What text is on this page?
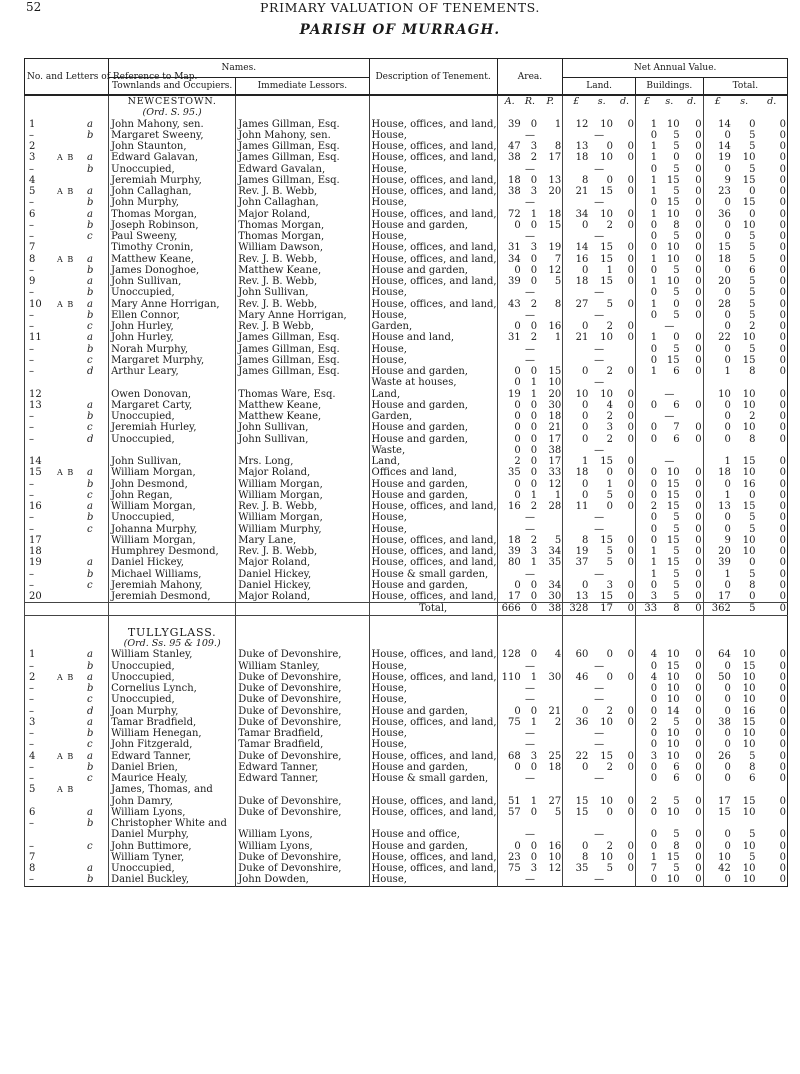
52	PRIMARY VALUATION OF TENEMENTS.
PARISH OF MURRAGH.
No. and Letters of Reference to Map.		Names.		Description of Tenement.	Area.			Net Annual Value.								
		Townlands and Occupiers.	Immediate Lessors.					Land.			Buildings.			Total.		
		NEWCESTOWN.			A.	R.	P.	£	s.	d.	£	s.	d.	£	s.	d.
		(Ord. S. 95.)														
1	a	John Mahony, sen.	James Gillman, Esq.	House, offices, and land,	39	0	1	12	10	0	1	10	0	14	0	0
–	b	Margaret Sweeny,	John Mahony, sen.	House,	—			—			0	5	0	0	5	0
2		John Staunton,	James Gillman, Esq.	House, offices, and land,	47	3	8	13	0	0	1	5	0	14	5	0
3 A B	a	Edward Galavan,	James Gillman, Esq.	House, offices, and land,	38	2	17	18	10	0	1	0	0	19	10	0
–	b	Unoccupied,	Edward Gavalan,	House,	—			—			0	5	0	0	5	0
4		Jeremiah Murphy,	James Gillman, Esq.	House, offices, and land,	18	0	13	8	0	0	1	15	0	9	15	0
5 A B	a	John Callaghan,	Rev. J. B. Webb,	House, offices, and land,	38	3	20	21	15	0	1	5	0	23	0	0
–	b	John Murphy,	John Callaghan,	House,	—			—			0	15	0	0	15	0
6	a	Thomas Morgan,	Major Roland,	House, offices, and land,	72	1	18	34	10	0	1	10	0	36	0	0
–	b	Joseph Robinson,	Thomas Morgan,	House and garden,	0	0	15	0	2	0	0	8	0	0	10	0
–	c	Paul Sweeny,	Thomas Morgan,	House,	—			—			0	5	0	0	5	0
7		Timothy Cronin,	William Dawson,	House, offices, and land,	31	3	19	14	15	0	0	10	0	15	5	0
8 A B	a	Matthew Keane,	Rev. J. B. Webb,	House, offices, and land,	34	0	7	16	15	0	1	10	0	18	5	0
–	b	James Donoghoe,	Matthew Keane,	House and garden,	0	0	12	0	1	0	0	5	0	0	6	0
9	a	John Sullivan,	Rev. J. B. Webb,	House, offices, and land,	39	0	5	18	15	0	1	10	0	20	5	0
–	b	Unoccupied,	John Sullivan,	House,	—			—			0	5	0	0	5	0
10 A B	a	Mary Anne Horrigan,	Rev. J. B. Webb,	House, offices, and land,	43	2	8	27	5	0	1	0	0	28	5	0
–	b	Ellen Connor,	Mary Anne Horrigan,	House,	—			—			0	5	0	0	5	0
–	c	John Hurley,	Rev. J. B Webb,	Garden,	0	0	16	0	2	0	—			0	2	0
11	a	John Hurley,	James Gillman, Esq.	House and land,	31	2	1	21	10	0	1	0	0	22	10	0
–	b	Norah Murphy,	James Gillman, Esq.	House,	—			—			0	5	0	0	5	0
–	c	Margaret Murphy,	James Gillman, Esq.	House,	—			—			0	15	0	0	15	0
–	d	Arthur Leary,	James Gillman, Esq.	House and garden,	0	0	15	0	2	0	1	6	0	1	8	0
				Waste at houses,	0	1	10	—								
12		Owen Donovan,	Thomas Ware, Esq.	Land,	19	1	20	10	10	0	—			10	10	0
13	a	Margaret Carty,	Matthew Keane,	House and garden,	0	0	30	0	4	0	0	6	0	0	10	0
–	b	Unoccupied,	Matthew Keane,	Garden,	0	0	18	0	2	0	—			0	2	0
–	c	Jeremiah Hurley,	John Sullivan,	House and garden,	0	0	21	0	3	0	0	7	0	0	10	0
–	d	Unoccupied,	John Sullivan,	House and garden,	0	0	17	0	2	0	0	6	0	0	8	0
				Waste,	0	0	38	—								
14		John Sullivan,	Mrs. Long,	Land,	2	0	17	1	15	0	—			1	15	0
15 A B	a	William Morgan,	Major Roland,	Offices and land,	35	0	33	18	0	0	0	10	0	18	10	0
–	b	John Desmond,	William Morgan,	House and garden,	0	0	12	0	1	0	0	15	0	0	16	0
–	c	John Regan,	William Morgan,	House and garden,	0	1	1	0	5	0	0	15	0	1	0	0
16	a	William Morgan,	Rev. J. B. Webb,	House, offices, and land,	16	2	28	11	0	0	2	15	0	13	15	0
–	b	Unoccupied,	William Morgan,	House,	—			—			0	5	0	0	5	0
–	c	Johanna Murphy,	William Murphy,	House,	—			—			0	5	0	0	5	0
17		William Morgan,	Mary Lane,	House, offices, and land,	18	2	5	8	15	0	0	15	0	9	10	0
18		Humphrey Desmond,	Rev. J. B. Webb,	House, offices, and land,	39	3	34	19	5	0	1	5	0	20	10	0
19	a	Daniel Hickey,	Major Roland,	House, offices, and land,	80	1	35	37	5	0	1	15	0	39	0	0
–	b	Michael Williams,	Daniel Hickey,	House & small garden,	—			—			1	5	0	1	5	0
–	c	Jeremiah Mahony,	Daniel Hickey,	House and garden,	0	0	34	0	3	0	0	5	0	0	8	0
20		Jeremiah Desmond,	Major Roland,	House, offices, and land,	17	0	30	13	15	0	3	5	0	17	0	0
				Total,	666	0	38	328	17	0	33	8	0	362	5	0

		TULLYGLASS.														
		(Ord. Ss. 95 & 109.)														
1	a	William Stanley,	Duke of Devonshire,	House, offices, and land,	128	0	4	60	0	0	4	10	0	64	10	0
–	b	Unoccupied,	William Stanley,	House,	—			—			0	15	0	0	15	0
2 A B	a	Unoccupied,	Duke of Devonshire,	House, offices, and land,	110	1	30	46	0	0	4	10	0	50	10	0
–	b	Cornelius Lynch,	Duke of Devonshire,	House,	—			—			0	10	0	0	10	0
–	c	Unoccupied,	Duke of Devonshire,	House,	—			—			0	10	0	0	10	0
–	d	Joan Murphy,	Duke of Devonshire,	House and garden,	0	0	21	0	2	0	0	14	0	0	16	0
3	a	Tamar Bradfield,	Duke of Devonshire,	House, offices, and land,	75	1	2	36	10	0	2	5	0	38	15	0
–	b	William Henegan,	Tamar Bradfield,	House,	—			—			0	10	0	0	10	0
–	c	John Fitzgerald,	Tamar Bradfield,	House,	—			—			0	10	0	0	10	0
4 A B	a	Edward Tanner,	Duke of Devonshire,	House, offices, and land,	68	3	25	22	15	0	3	10	0	26	5	0
–	b	Daniel Brien,	Edward Tanner,	House and garden,	0	0	18	0	2	0	0	6	0	0	8	0
–	c	Maurice Healy,	Edward Tanner,	House & small garden,	—			—			0	6	0	0	6	0
5 A B		James, Thomas, and														
		John Damry,	Duke of Devonshire,	House, offices, and land,	51	1	27	15	10	0	2	5	0	17	15	0
6	a	William Lyons,	Duke of Devonshire,	House, offices, and land,	57	0	5	15	0	0	0	10	0	15	10	0
–	b	Christopher White and														
		Daniel Murphy,	William Lyons,	House and office,	—			—			0	5	0	0	5	0
–	c	John Buttimore,	William Lyons,	House and garden,	0	0	16	0	2	0	0	8	0	0	10	0
7		William Tyner,	Duke of Devonshire,	House, offices, and land,	23	0	10	8	10	0	1	15	0	10	5	0
8	a	Unoccupied,	Duke of Devonshire,	House, offices, and land,	75	3	12	35	5	0	7	5	0	42	10	0
–	b	Daniel Buckley,	John Dowden,	House,	—			—			0	10	0	0	10	0
